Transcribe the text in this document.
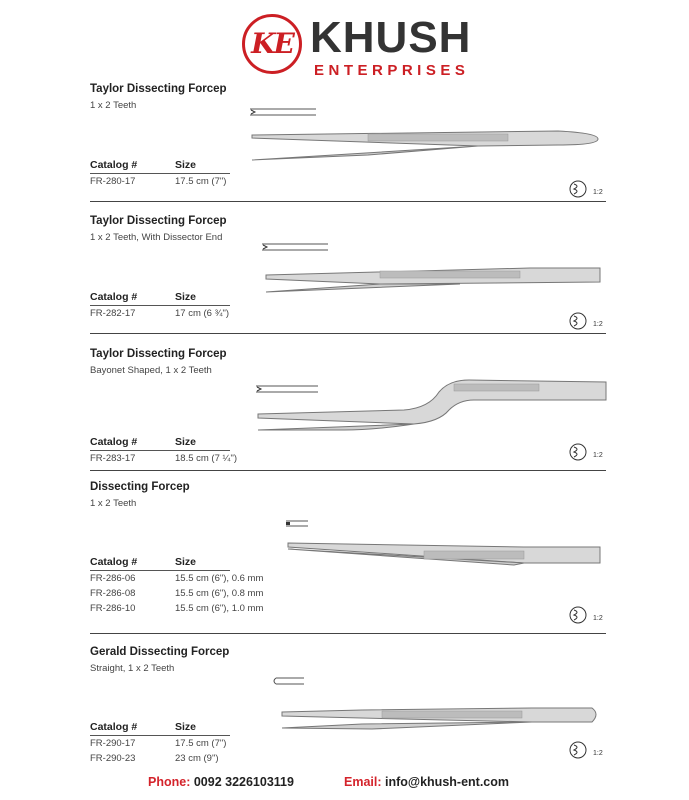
KE KHUSH
ENTERPRISES
Taylor Dissecting Forcep
1 x 2 Teeth
Catalog #	Size
FR-280-17	17.5 cm (7")
1:2
Taylor Dissecting Forcep
1 x 2 Teeth, With Dissector End
Catalog #	Size
FR-282-17	17 cm (6 ¾")
1:2
Taylor Dissecting Forcep
Bayonet Shaped, 1 x 2 Teeth
Catalog #	Size
FR-283-17	18.5 cm (7 ¼")	1:2
Dissecting Forcep
1 x 2 Teeth
Catalog #	Size
FR-286-06	15.5 cm (6"), 0.6 mm
FR-286-08	15.5 cm (6"), 0.8 mm
FR-286-10	15.5 cm (6"), 1.0 mm
1:2
Gerald Dissecting Forcep
Straight, 1 x 2 Teeth
Catalog #	Size
FR-290-17	17.5 cm (7")
FR-290-23	23 cm (9")	1:2
Phone: 0092 3226103119	Email: info@khush-ent.com
